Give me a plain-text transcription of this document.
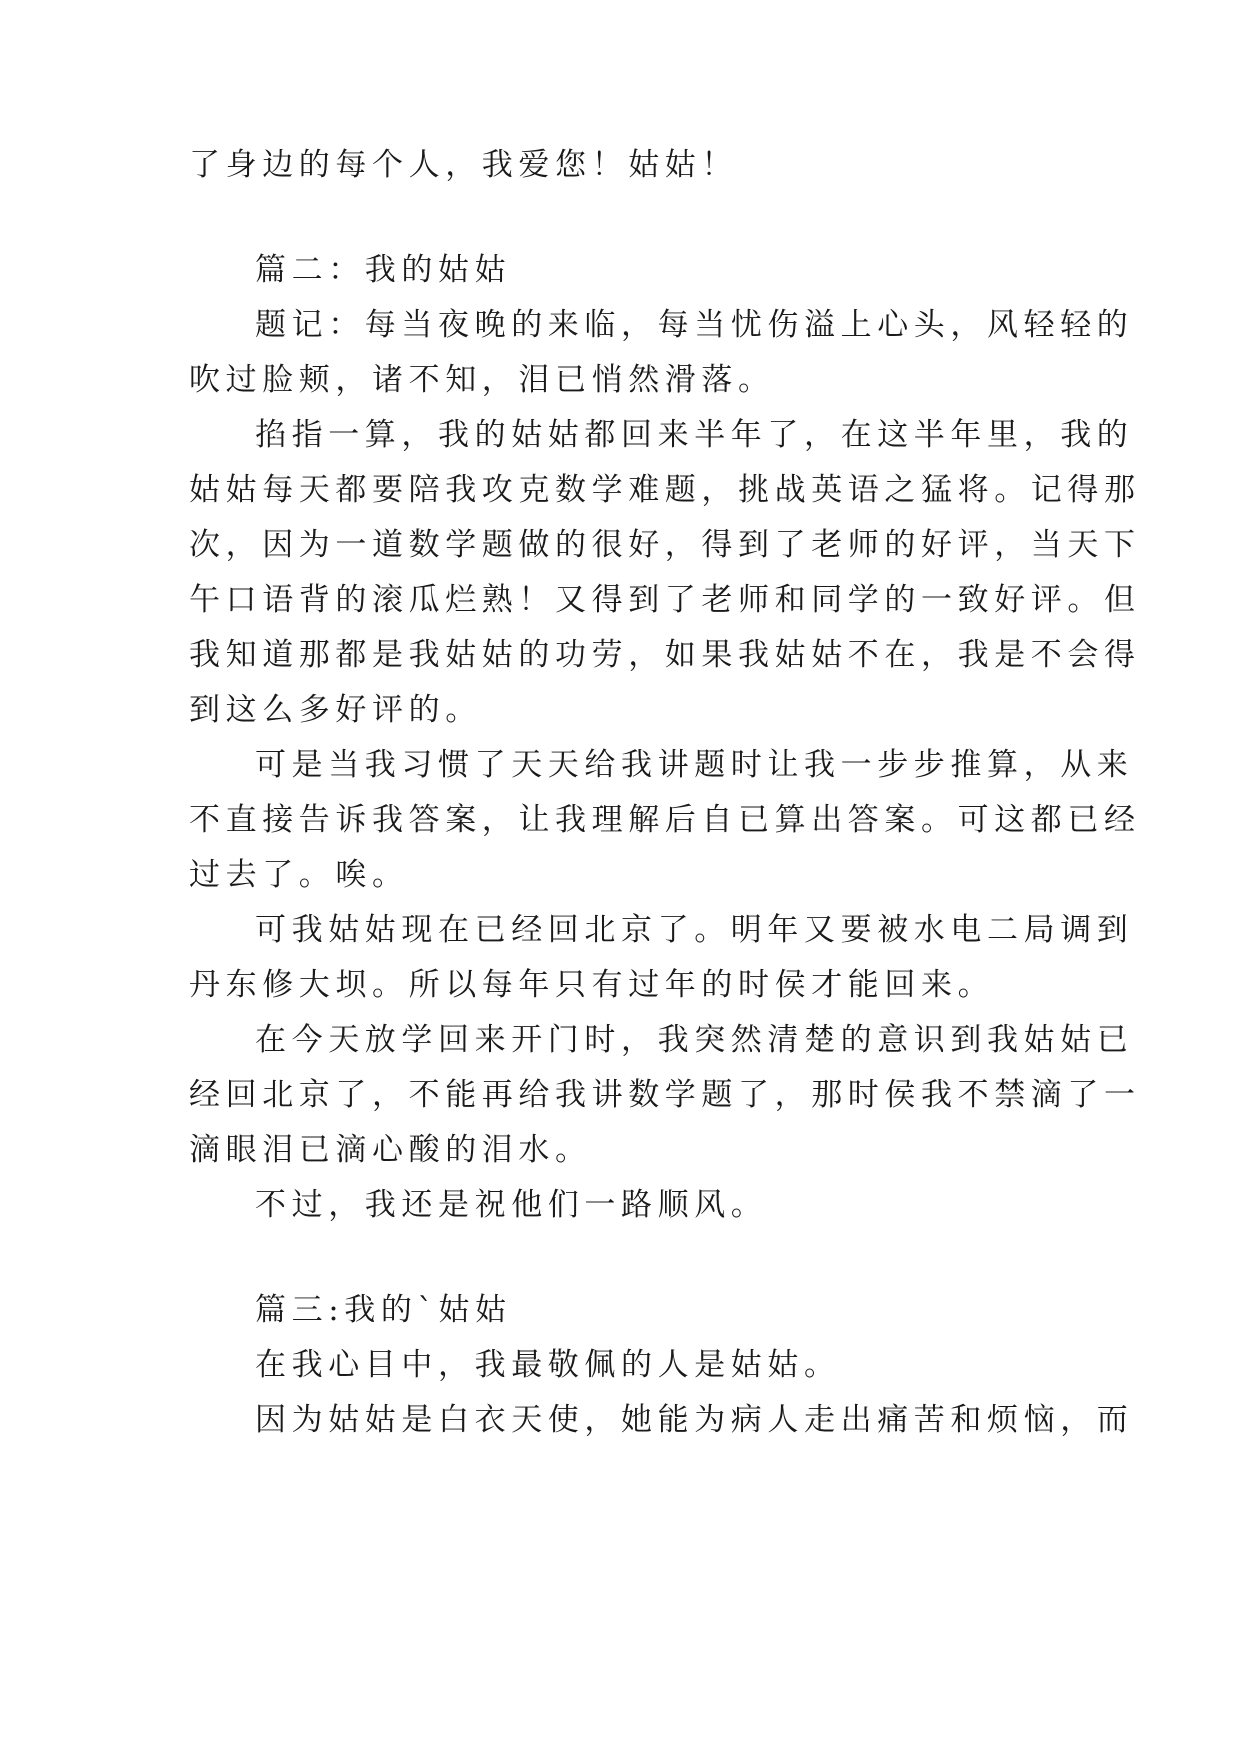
了身边的每个人，我爱您！姑姑！
篇二：我的姑姑
题记：每当夜晚的来临，每当忧伤溢上心头，风轻轻的
吹过脸颊，诸不知，泪已悄然滑落。
掐指一算，我的姑姑都回来半年了，在这半年里，我的
姑姑每天都要陪我攻克数学难题，挑战英语之猛将。记得那
次，因为一道数学题做的很好，得到了老师的好评，当天下
午口语背的滚瓜烂熟！又得到了老师和同学的一致好评。但
我知道那都是我姑姑的功劳，如果我姑姑不在，我是不会得
到这么多好评的。
可是当我习惯了天天给我讲题时让我一步步推算，从来
不直接告诉我答案，让我理解后自已算出答案。可这都已经
过去了。唉。
可我姑姑现在已经回北京了。明年又要被水电二局调到
丹东修大坝。所以每年只有过年的时侯才能回来。
在今天放学回来开门时，我突然清楚的意识到我姑姑已
经回北京了，不能再给我讲数学题了，那时侯我不禁滴了一
滴眼泪已滴心酸的泪水。
不过，我还是祝他们一路顺风。
篇三:我的`姑姑
在我心目中，我最敬佩的人是姑姑。
因为姑姑是白衣天使，她能为病人走出痛苦和烦恼，而
